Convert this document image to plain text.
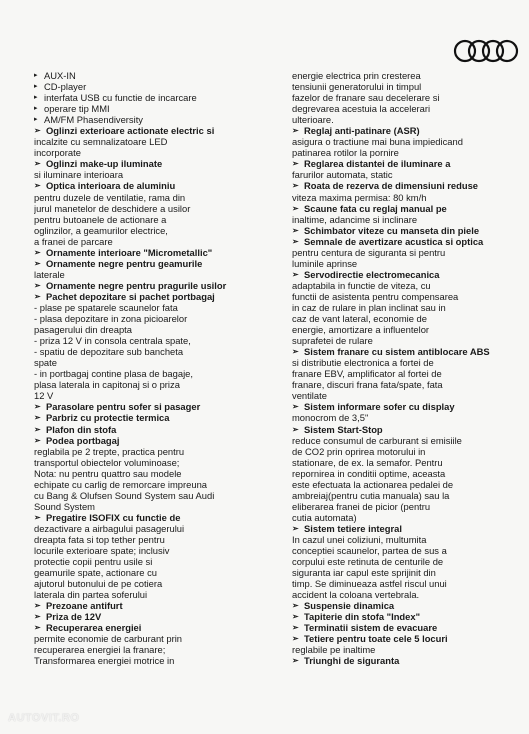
▸ AUX-IN
▸ CD-player
▸ interfata USB cu functie de incarcare
▸ operare tip MMI
▸ AM/FM Phasendiversity
➢ Oglinzi exterioare actionate electric si
incalzite cu semnalizatoare LED
incorporate
➢ Oglinzi make-up iluminate
si iluminare interioara
➢ Optica interioara de aluminiu
pentru duzele de ventilatie, rama din
jurul manetelor de deschidere a usilor
pentru butoanele de actionare a
oglinzilor, a geamurilor electrice,
a franei de parcare
➢ Ornamente interioare "Micrometallic"
➢ Ornamente negre pentru geamurile
laterale
➢ Ornamente negre pentru pragurile usilor
➢ Pachet depozitare si pachet portbagaj
- plase pe spatarele scaunelor fata
- plasa depozitare in zona picioarelor
pasagerului din dreapta
- priza 12 V in consola centrala spate,
- spatiu de depozitare sub bancheta
spate
- in portbagaj contine plasa de bagaje,
plasa laterala in capitonaj si o priza
12 V
➢ Parasolare pentru sofer si pasager
➢ Parbriz cu protectie termica
➢ Plafon din stofa
➢ Podea portbagaj
reglabila pe 2 trepte, practica pentru
transportul obiectelor voluminoase;
Nota: nu pentru quattro sau modele
echipate cu carlig de remorcare impreuna
cu Bang & Olufsen Sound System sau Audi
Sound System
➢ Pregatire ISOFIX cu functie de
dezactivare a airbagului pasagerului
dreapta fata si top tether pentru
locurile exterioare spate; inclusiv
protectie copii pentru usile si
geamurile spate, actionare cu
ajutorul butonului de pe cotiera
laterala din partea soferului
➢ Prezoane antifurt
➢ Priza de 12V
➢ Recuperarea energiei
permite economie de carburant prin
recuperarea energiei la franare;
Transformarea energiei motrice in
energie electrica prin cresterea
tensiunii generatorului in timpul
fazelor de franare sau decelerare si
degrevarea acestuia la accelerari
ulterioare.
➢ Reglaj anti-patinare (ASR)
asigura o tractiune mai buna impiedicand
patinarea rotilor la pornire
➢ Reglarea distantei de iluminare a
farurilor automata, static
➢ Roata de rezerva de dimensiuni reduse
viteza maxima permisa: 80 km/h
➢ Scaune fata cu reglaj manual pe
inaltime, adancime si inclinare
➢ Schimbator viteze cu manseta din piele
➢ Semnale de avertizare acustica si optica
pentru centura de siguranta si pentru
luminile aprinse
➢ Servodirectie electromecanica
adaptabila in functie de viteza, cu
functii de asistenta pentru compensarea
in caz de rulare in plan inclinat sau in
caz de vant lateral, economie de
energie, amortizare a influentelor
suprafetei de rulare
➢ Sistem franare cu sistem antiblocare ABS
si distributie electronica a fortei de
franare EBV, amplificator al fortei de
franare, discuri frana fata/spate, fata
ventilate
➢ Sistem informare sofer cu display
monocrom de 3,5"
➢ Sistem Start-Stop
reduce consumul de carburant si emisiile
de CO2 prin oprirea motorului in
stationare, de ex. la semafor. Pentru
repornirea in conditii optime, aceasta
este efectuata la actionarea pedalei de
ambreiaj(pentru cutia manuala) sau la
eliberarea franei de picior (pentru
cutia automata)
➢ Sistem tetiere integral
In cazul unei coliziuni, multumita
conceptiei scaunelor, partea de sus a
corpului este retinuta de centurile de
siguranta iar capul este sprijinit din
timp. Se diminueaza astfel riscul unui
accident la coloana vertebrala.
➢ Suspensie dinamica
➢ Tapiterie din stofa "Index"
➢ Terminatii sistem de evacuare
➢ Tetiere pentru toate cele 5 locuri
reglabile pe inaltime
➢ Triunghi de siguranta
AUTOVIT.RO
